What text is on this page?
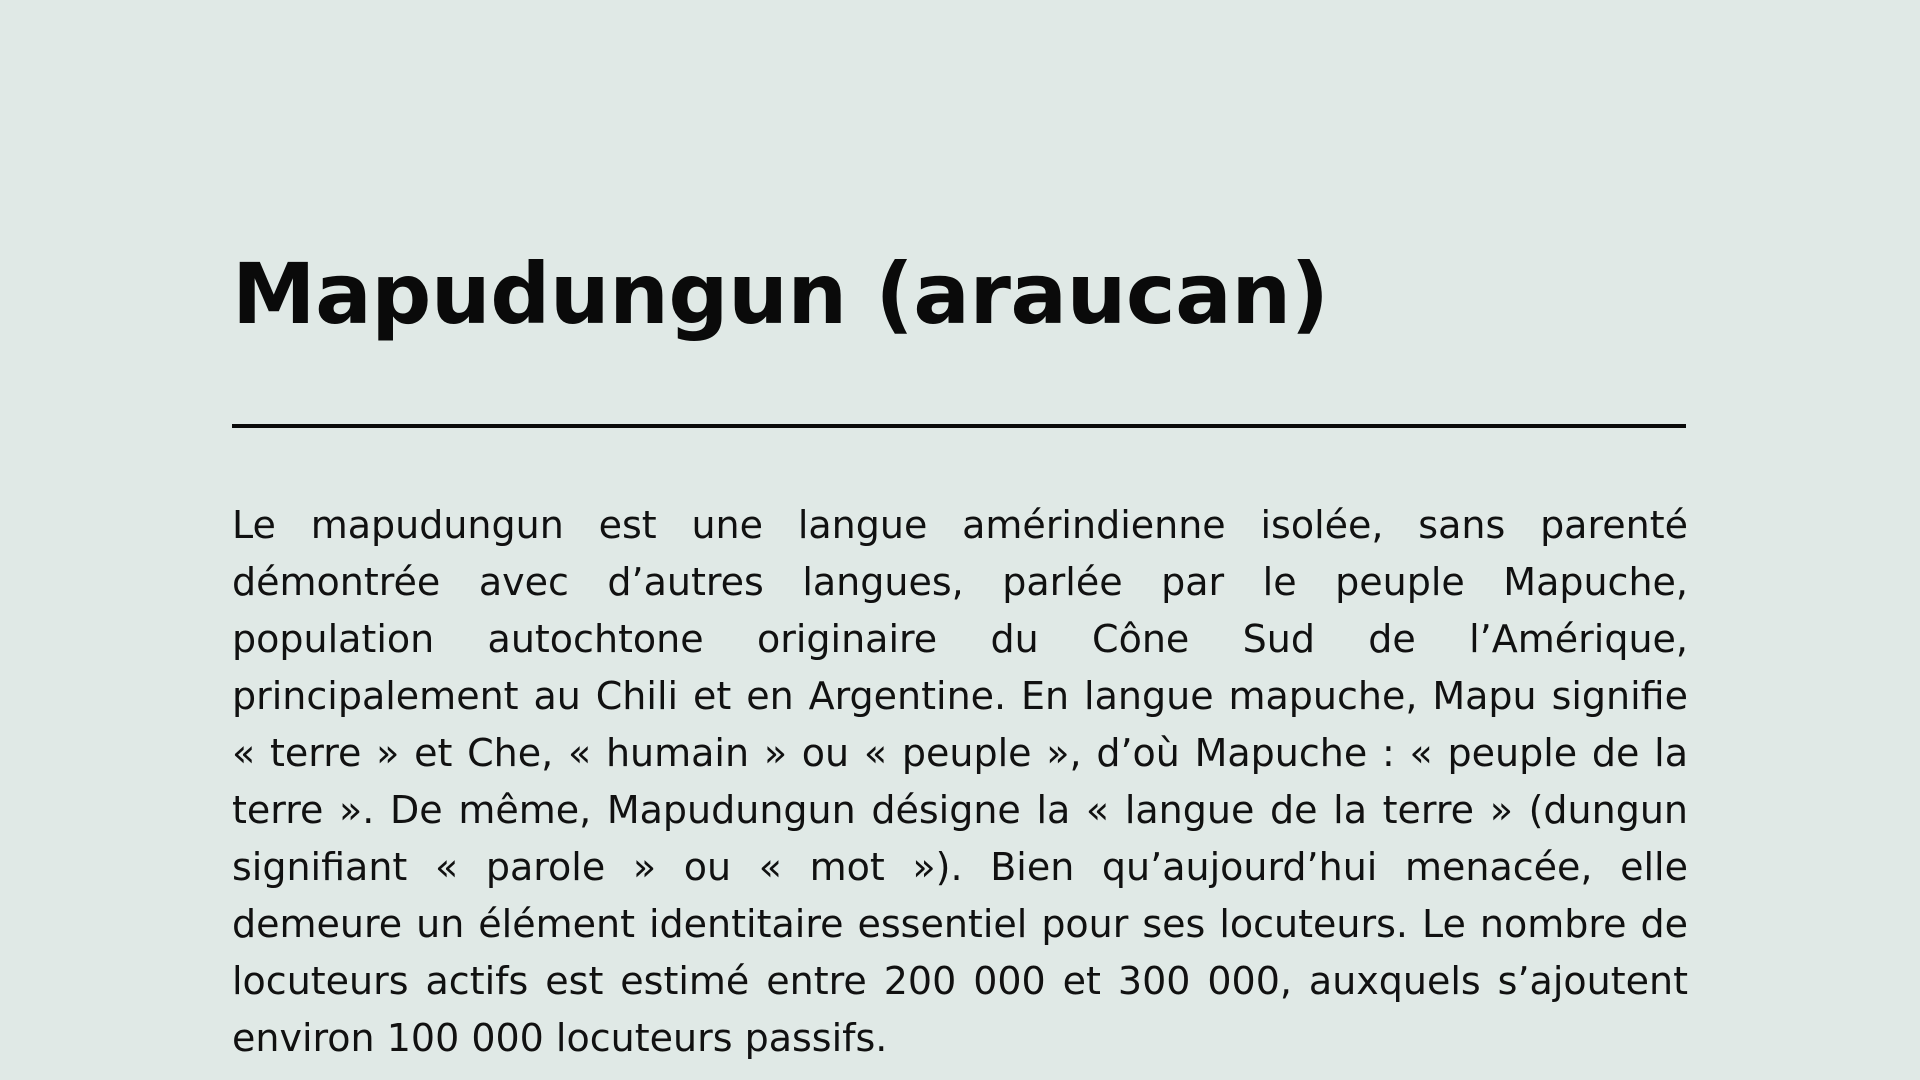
Mapudungun (araucan)

Le mapudungun est une langue amérindienne isolée, sans parenté démontrée avec d’autres langues, parlée par le peuple Mapuche, population autochtone originaire du Cône Sud de l’Amérique, principalement au Chili et en Argentine. En langue mapuche, Mapu signifie « terre » et Che, « humain » ou « peuple », d’où Mapuche : « peuple de la terre ». De même, Mapudungun désigne la « langue de la terre » (dungun signifiant « parole » ou « mot »). Bien qu’aujourd’hui menacée, elle demeure un élément identitaire essentiel pour ses locuteurs. Le nombre de locuteurs actifs est estimé entre 200 000 et 300 000, auxquels s’ajoutent environ 100 000 locuteurs passifs.
